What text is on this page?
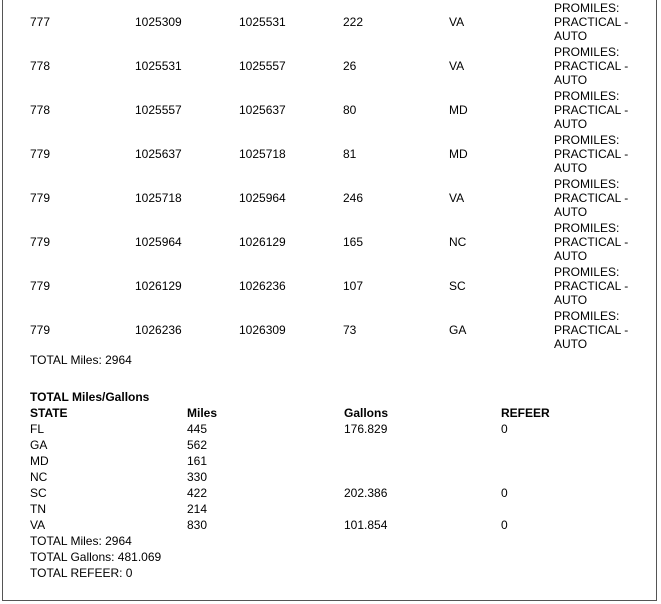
777	1025309	1025531	222	VA
PROMILES:
PRACTICAL -
AUTO
778	1025531	1025557	26	VA
PROMILES:
PRACTICAL -
AUTO
778	1025557	1025637	80	MD
PROMILES:
PRACTICAL -
AUTO
779	1025637	1025718	81	MD
PROMILES:
PRACTICAL -
AUTO
779	1025718	1025964	246	VA
PROMILES:
PRACTICAL -
AUTO
779	1025964	1026129	165	NC
PROMILES:
PRACTICAL -
AUTO
779	1026129	1026236	107	SC
PROMILES:
PRACTICAL -
AUTO
779	1026236	1026309	73	GA
PROMILES:
PRACTICAL -
AUTO
TOTAL Miles: 2964
TOTAL Miles/Gallons
STATE	Miles	Gallons	REFEER
FL	445	176.829	0
GA	562
MD	161
NC	330
SC	422	202.386	0
TN	214
VA	830	101.854	0
TOTAL Miles: 2964
TOTAL Gallons: 481.069
TOTAL REFEER: 0
